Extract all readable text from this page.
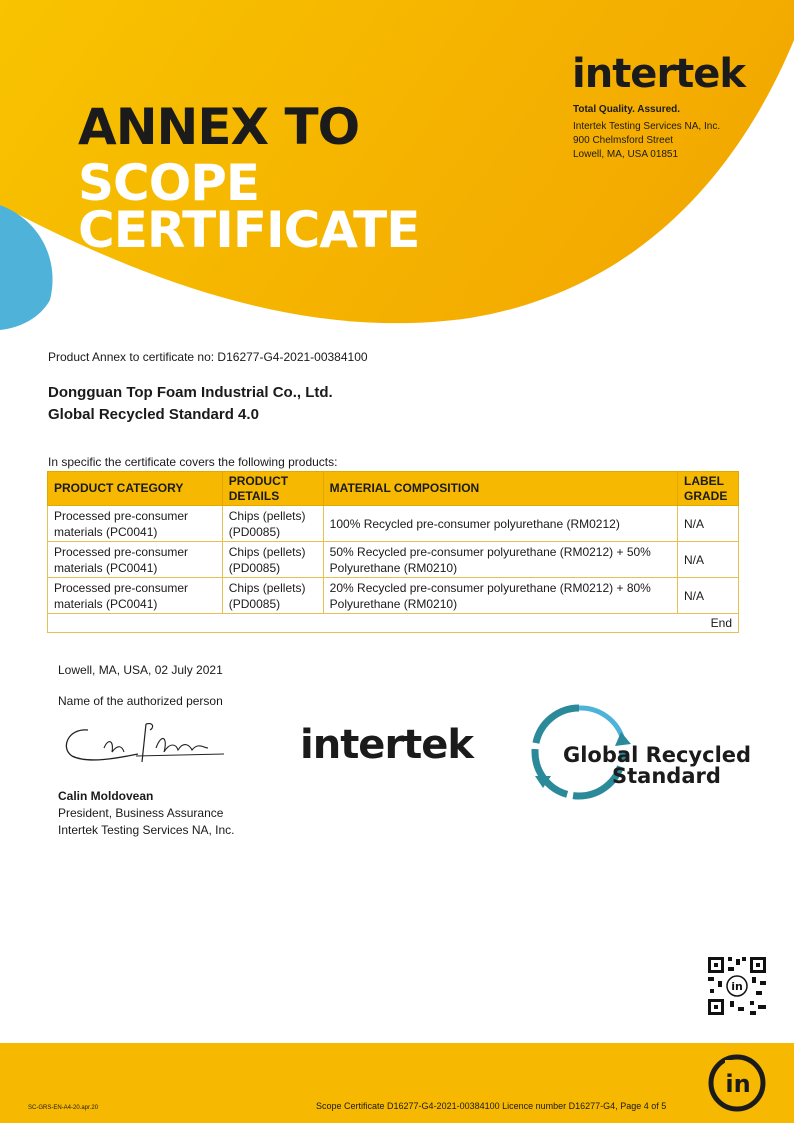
ANNEX TO
SCOPE
CERTIFICATE
intertek
Total Quality. Assured.
Intertek Testing Services NA, Inc.
900 Chelmsford Street
Lowell, MA, USA 01851
Product Annex to certificate no: D16277-G4-2021-00384100
Dongguan Top Foam Industrial Co., Ltd.
Global Recycled Standard 4.0
In specific the certificate covers the following products:
PRODUCT CATEGORY	PRODUCT DETAILS	MATERIAL COMPOSITION	LABEL GRADE
Processed pre-consumer materials (PC0041)	Chips (pellets) (PD0085)	100% Recycled pre-consumer polyurethane (RM0212)	N/A
Processed pre-consumer materials (PC0041)	Chips (pellets) (PD0085)	50% Recycled pre-consumer polyurethane (RM0212) + 50% Polyurethane (RM0210)	N/A
Processed pre-consumer materials (PC0041)	Chips (pellets) (PD0085)	20% Recycled pre-consumer polyurethane (RM0212) + 80% Polyurethane (RM0210)	N/A
End			
Lowell, MA, USA, 02 July 2021
Name of the authorized person
Calin Moldovean
President, Business Assurance
Intertek Testing Services NA, Inc.
intertek	Global Recycled
Standard
in
SC-GRS-EN-A4-20.apr.20	Scope Certificate D16277-G4-2021-00384100 Licence number D16277-G4, Page 4 of 5
in
